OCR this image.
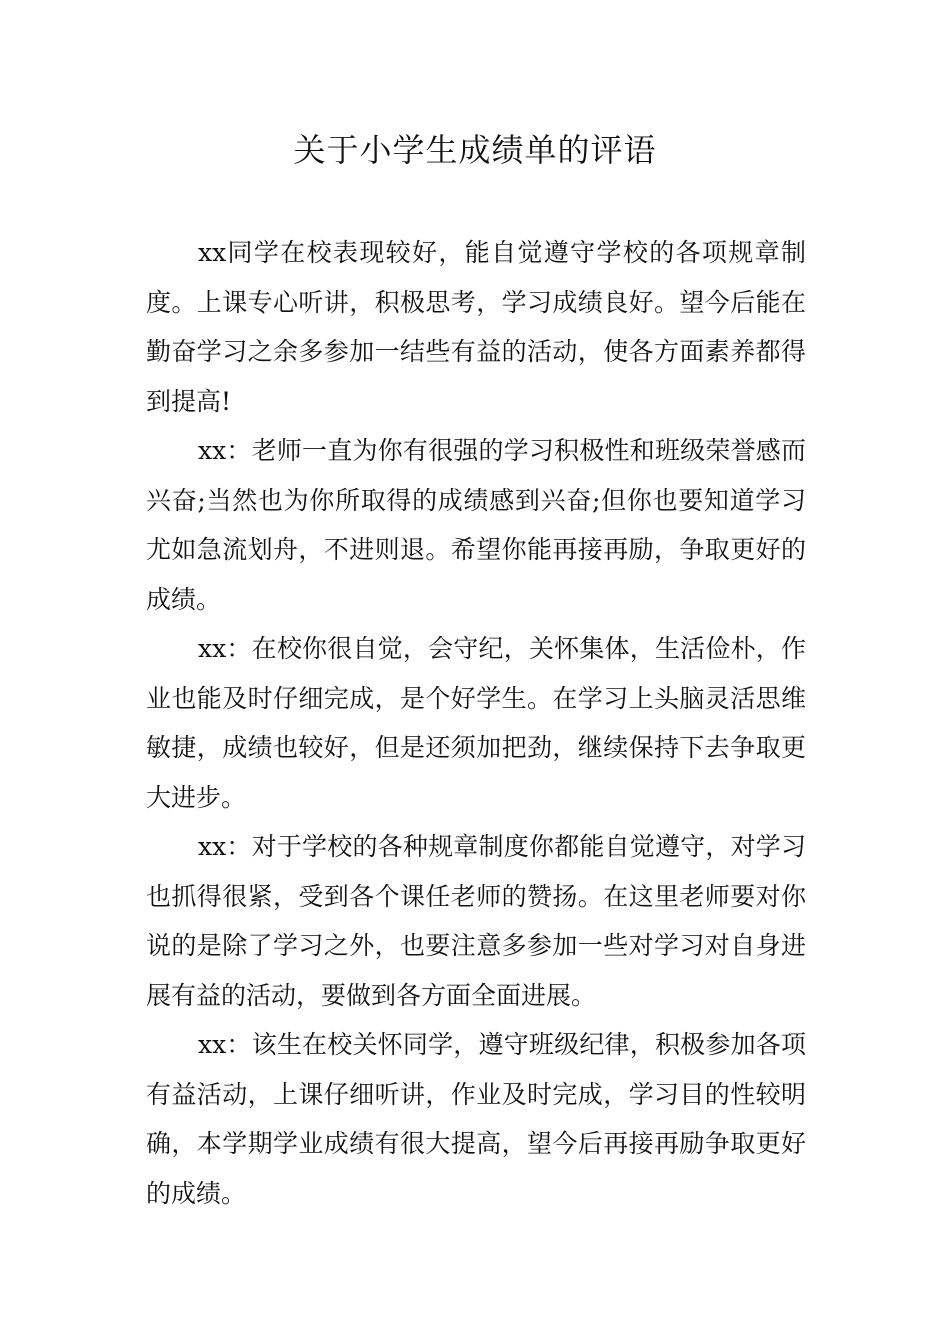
关于小学生成绩单的评语

xx同学在校表现较好，能自觉遵守学校的各项规章制度。上课专心听讲，积极思考，学习成绩良好。望今后能在勤奋学习之余多参加一结些有益的活动，使各方面素养都得到提高!

xx：老师一直为你有很强的学习积极性和班级荣誉感而兴奋;当然也为你所取得的成绩感到兴奋;但你也要知道学习尤如急流划舟，不进则退。希望你能再接再励，争取更好的成绩。

xx：在校你很自觉，会守纪，关怀集体，生活俭朴，作业也能及时仔细完成，是个好学生。在学习上头脑灵活思维敏捷，成绩也较好，但是还须加把劲，继续保持下去争取更大进步。

xx：对于学校的各种规章制度你都能自觉遵守，对学习也抓得很紧，受到各个课任老师的赞扬。在这里老师要对你说的是除了学习之外，也要注意多参加一些对学习对自身进展有益的活动，要做到各方面全面进展。

xx：该生在校关怀同学，遵守班级纪律，积极参加各项有益活动，上课仔细听讲，作业及时完成，学习目的性较明确，本学期学业成绩有很大提高，望今后再接再励争取更好的成绩。
